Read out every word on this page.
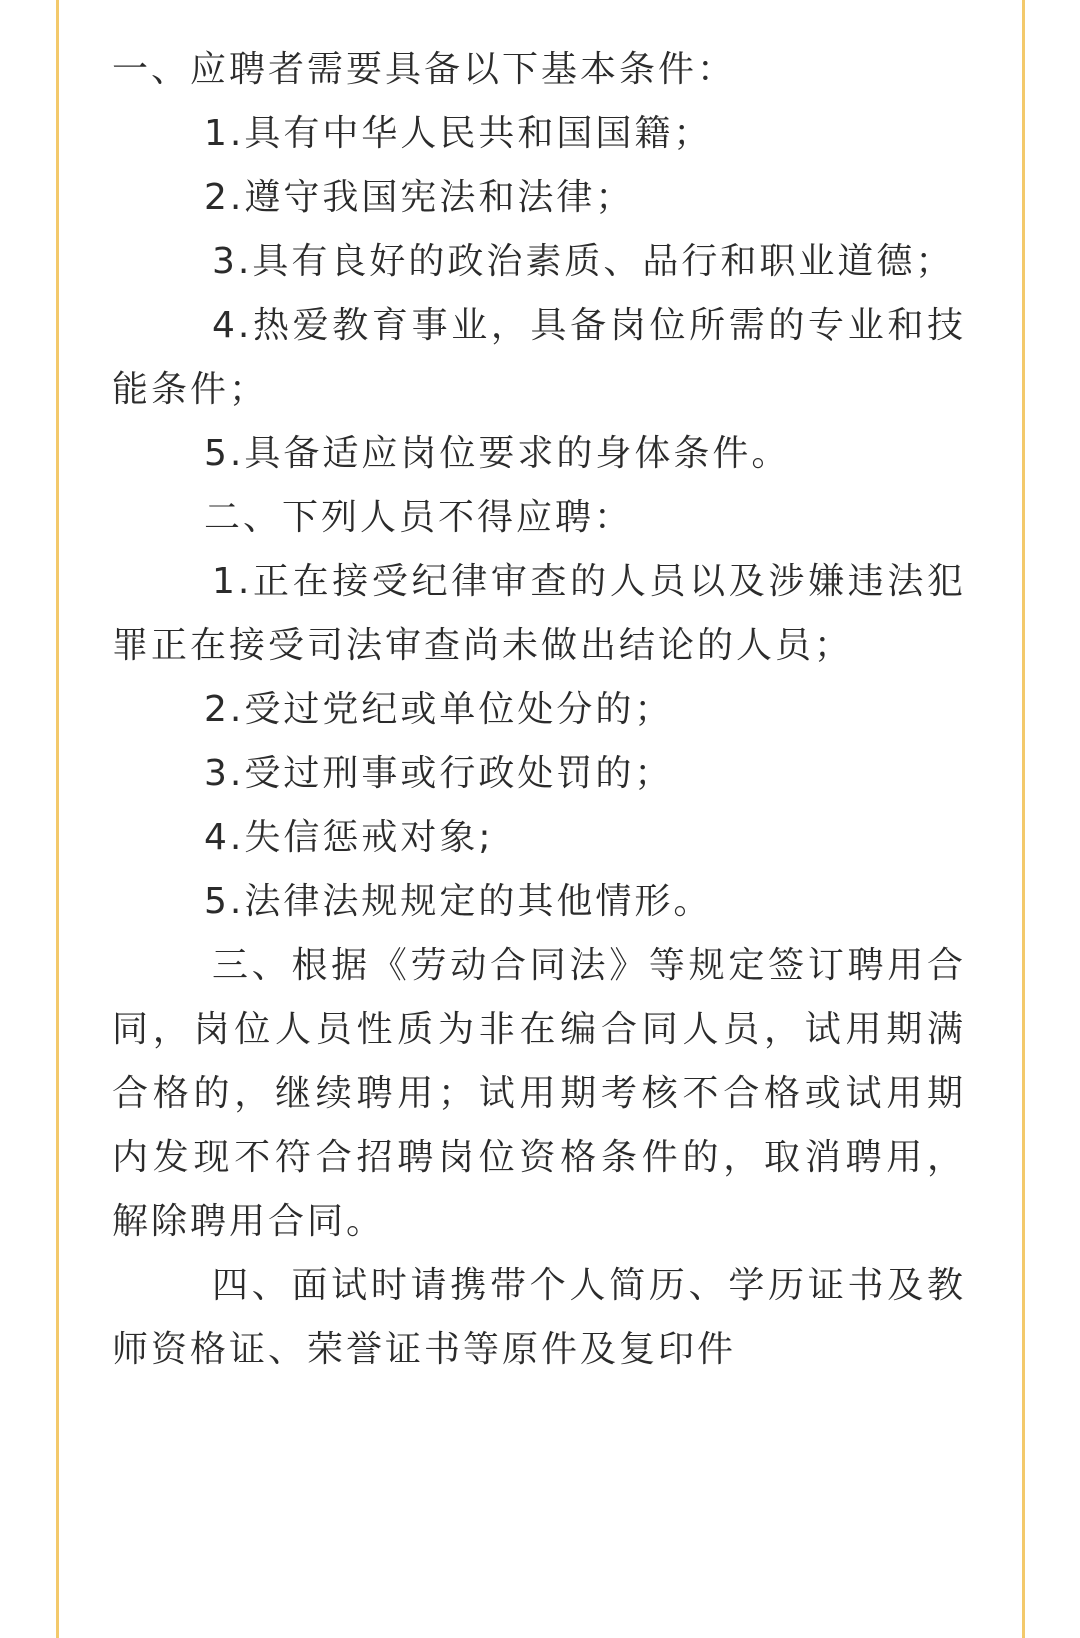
一、应聘者需要具备以下基本条件：

1.具有中华人民共和国国籍；

2.遵守我国宪法和法律；

3.具有良好的政治素质、品行和职业道德；

4.热爱教育事业，具备岗位所需的专业和技能条件；

5.具备适应岗位要求的身体条件。

二、下列人员不得应聘：

1.正在接受纪律审查的人员以及涉嫌违法犯罪正在接受司法审查尚未做出结论的人员；

2.受过党纪或单位处分的；

3.受过刑事或行政处罚的；

4.失信惩戒对象;

5.法律法规规定的其他情形。

三、根据《劳动合同法》等规定签订聘用合同，岗位人员性质为非在编合同人员，试用期满合格的，继续聘用；试用期考核不合格或试用期内发现不符合招聘岗位资格条件的，取消聘用，解除聘用合同。

四、面试时请携带个人简历、学历证书及教师资格证、荣誉证书等原件及复印件
